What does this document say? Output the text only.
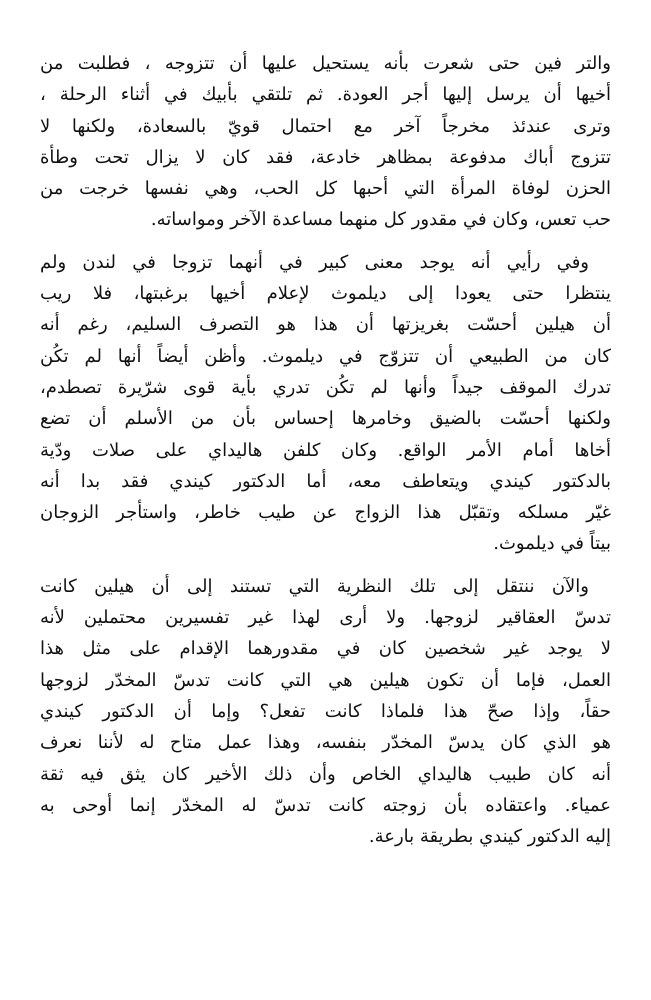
والتر فين حتى شعرت بأنه يستحيل عليها أن تتزوجه ، فطلبت من
أخيها أن يرسل إليها أجر العودة. ثم تلتقي بأبيك في أثناء الرحلة ،
وترى عندئذ مخرجاً آخر مع احتمال قويّ بالسعادة، ولكنها لا
تتزوج أباك مدفوعة بمظاهر خادعة، فقد كان لا يزال تحت وطأة
الحزن لوفاة المرأة التي أحبها كل الحب، وهي نفسها خرجت من
حب تعس، وكان في مقدور كل منهما مساعدة الآخر ومواساته.
وفي رأيي أنه يوجد معنى كبير في أنهما تزوجا في لندن ولم
ينتظرا حتى يعودا إلى ديلموث لإعلام أخيها برغبتها، فلا ريب
أن هيلين أحسّت بغريزتها أن هذا هو التصرف السليم، رغم أنه
كان من الطبيعي أن تتزوّج في ديلموث. وأظن أيضاً أنها لم تكُن
تدرك الموقف جيداً وأنها لم تكُن تدري بأية قوى شرّيرة تصطدم،
ولكنها أحسّت بالضيق وخامرها إحساس بأن من الأسلم أن تضع
أخاها أمام الأمر الواقع. وكان كلفن هاليداي على صلات ودّية
بالدكتور كيندي ويتعاطف معه، أما الدكتور كيندي فقد بدا أنه
غيّر مسلكه وتقبّل هذا الزواج عن طيب خاطر، واستأجر الزوجان
بيتاً في ديلموث.
والآن ننتقل إلى تلك النظرية التي تستند إلى أن هيلين كانت
تدسّ العقاقير لزوجها. ولا أرى لهذا غير تفسيرين محتملين لأنه
لا يوجد غير شخصين كان في مقدورهما الإقدام على مثل هذا
العمل، فإما أن تكون هيلين هي التي كانت تدسّ المخدّر لزوجها
حقاً، وإذا صحّ هذا فلماذا كانت تفعل؟ وإما أن الدكتور كيندي
هو الذي كان يدسّ المخدّر بنفسه، وهذا عمل متاح له لأننا نعرف
أنه كان طبيب هاليداي الخاص وأن ذلك الأخير كان يثق فيه ثقة
عمياء. واعتقاده بأن زوجته كانت تدسّ له المخدّر إنما أوحى به
إليه الدكتور كيندي بطريقة بارعة.
